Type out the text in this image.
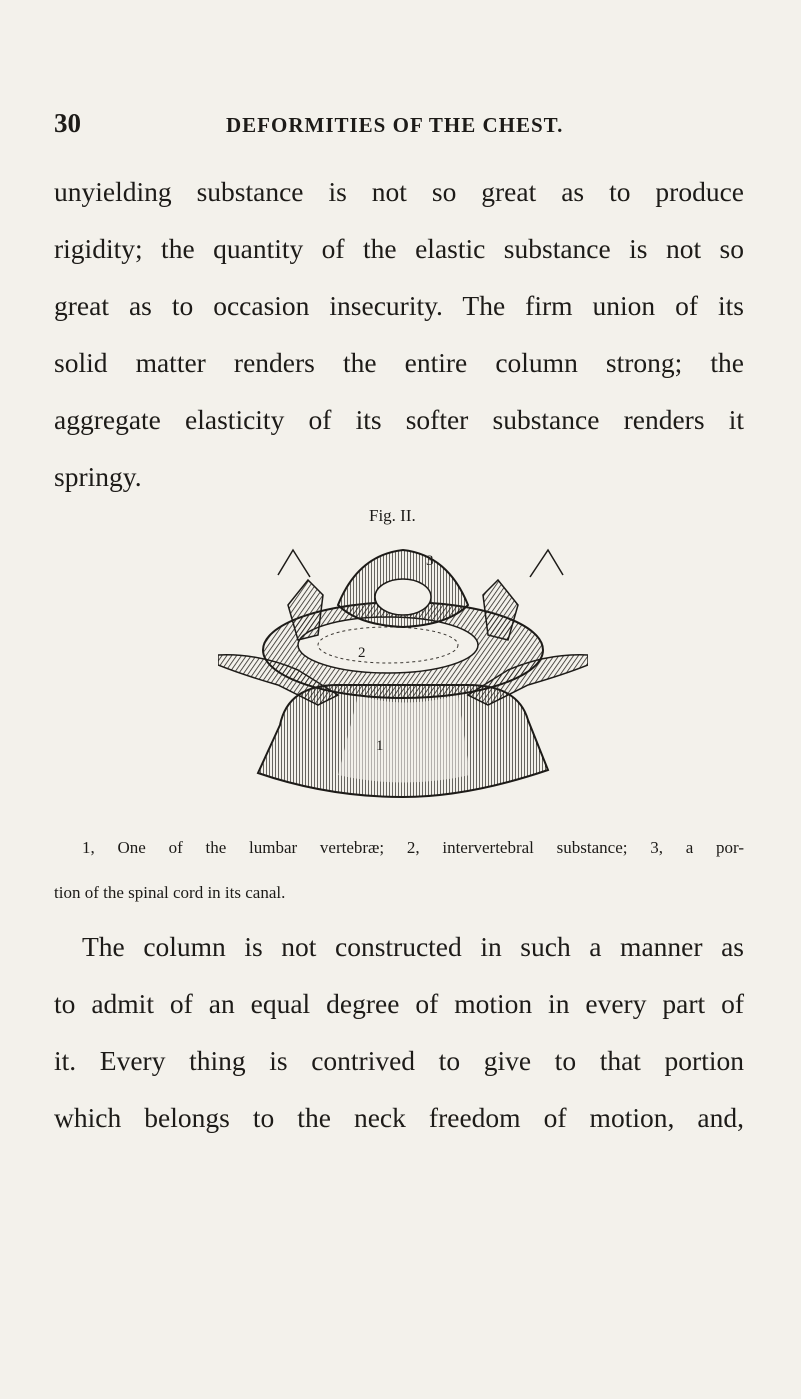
30	DEFORMITIES OF THE CHEST.
unyielding substance is not so great as to produce
rigidity; the quantity of the elastic substance is not so
great as to occasion insecurity. The firm union of its
solid matter renders the entire column strong; the
aggregate elasticity of its softer substance renders it
springy.
Fig. II.
3
2
1
1, One of the lumbar vertebræ; 2, intervertebral substance; 3, a por-
tion of the spinal cord in its canal.
The column is not constructed in such a manner as
to admit of an equal degree of motion in every part of
it. Every thing is contrived to give to that portion
which belongs to the neck freedom of motion, and,
